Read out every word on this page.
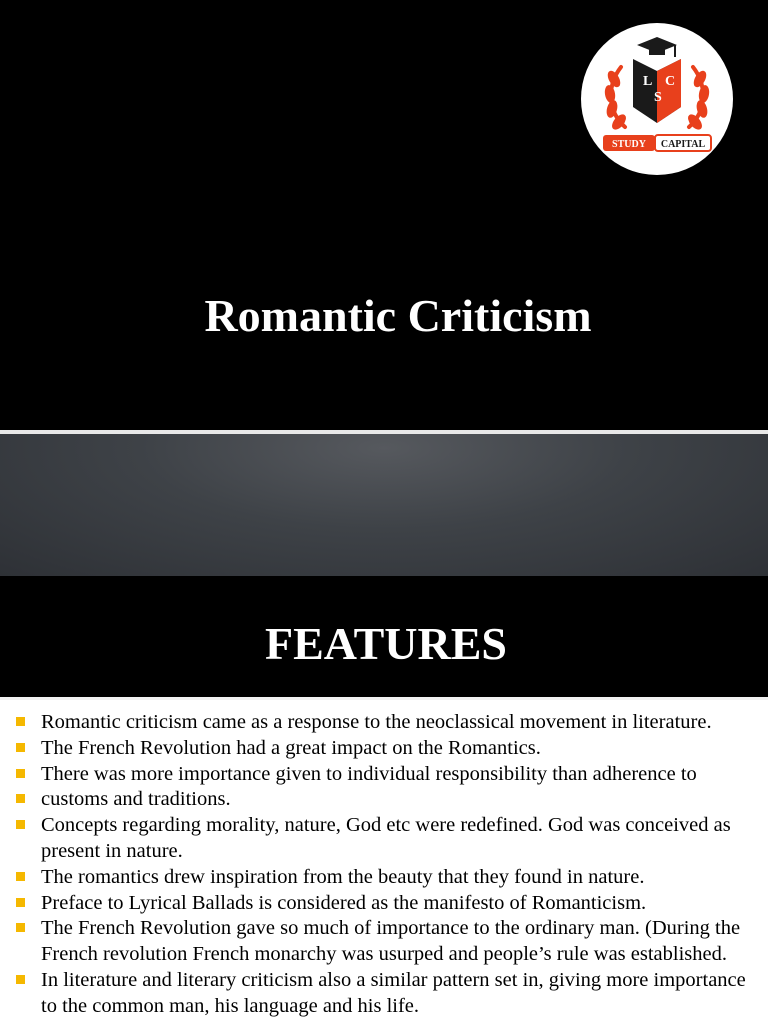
L
S
C
STUDY CAPITAL
Romantic Criticism
FEATURES
Romantic criticism came as a response to the neoclassical movement in literature.
The French Revolution had a great impact on the Romantics.
There was more importance given to individual responsibility than adherence to
customs and traditions.
Concepts regarding morality, nature, God etc were redefined. God was conceived as present in nature.
The romantics drew inspiration from the beauty that they found in nature.
Preface to Lyrical Ballads is considered as the manifesto of Romanticism.
The French Revolution gave so much of importance to the ordinary man. (During the French revolution French monarchy was usurped and people’s rule was established.
In literature and literary criticism also a similar pattern set in, giving more importance to the common man, his language and his life.
